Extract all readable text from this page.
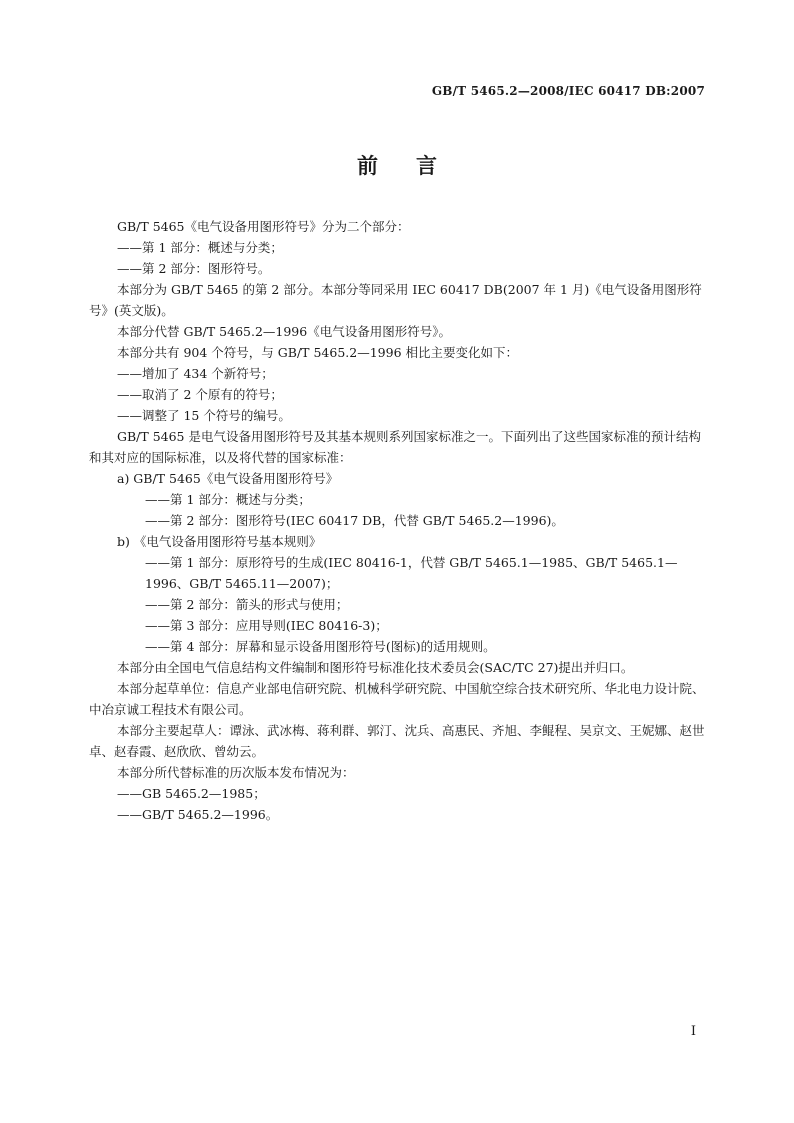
GB/T 5465.2—2008/IEC 60417 DB:2007
前言
GB/T 5465《电气设备用图形符号》分为二个部分：
——第 1 部分：概述与分类；
——第 2 部分：图形符号。
本部分为 GB/T 5465 的第 2 部分。本部分等同采用 IEC 60417 DB(2007 年 1 月)《电气设备用图形符号》(英文版)。
本部分代替 GB/T 5465.2—1996《电气设备用图形符号》。
本部分共有 904 个符号，与 GB/T 5465.2—1996 相比主要变化如下：
——增加了 434 个新符号；
——取消了 2 个原有的符号；
——调整了 15 个符号的编号。
GB/T 5465 是电气设备用图形符号及其基本规则系列国家标准之一。下面列出了这些国家标准的预计结构和其对应的国际标准，以及将代替的国家标准：
a) GB/T 5465《电气设备用图形符号》
——第 1 部分：概述与分类；
——第 2 部分：图形符号(IEC 60417 DB，代替 GB/T 5465.2—1996)。
b) 《电气设备用图形符号基本规则》
——第 1 部分：原形符号的生成(IEC 80416-1，代替 GB/T 5465.1—1985、GB/T 5465.1—
1996、GB/T 5465.11—2007)；
——第 2 部分：箭头的形式与使用；
——第 3 部分：应用导则(IEC 80416-3)；
——第 4 部分：屏幕和显示设备用图形符号(图标)的适用规则。
本部分由全国电气信息结构文件编制和图形符号标准化技术委员会(SAC/TC 27)提出并归口。
本部分起草单位：信息产业部电信研究院、机械科学研究院、中国航空综合技术研究所、华北电力设计院、中冶京诚工程技术有限公司。
本部分主要起草人：谭泳、武冰梅、蒋利群、郭汀、沈兵、高惠民、齐旭、李鲲程、吴京文、王妮娜、赵世卓、赵春霞、赵欣欣、曾幼云。
本部分所代替标准的历次版本发布情况为：
——GB 5465.2—1985；
——GB/T 5465.2—1996。
I
